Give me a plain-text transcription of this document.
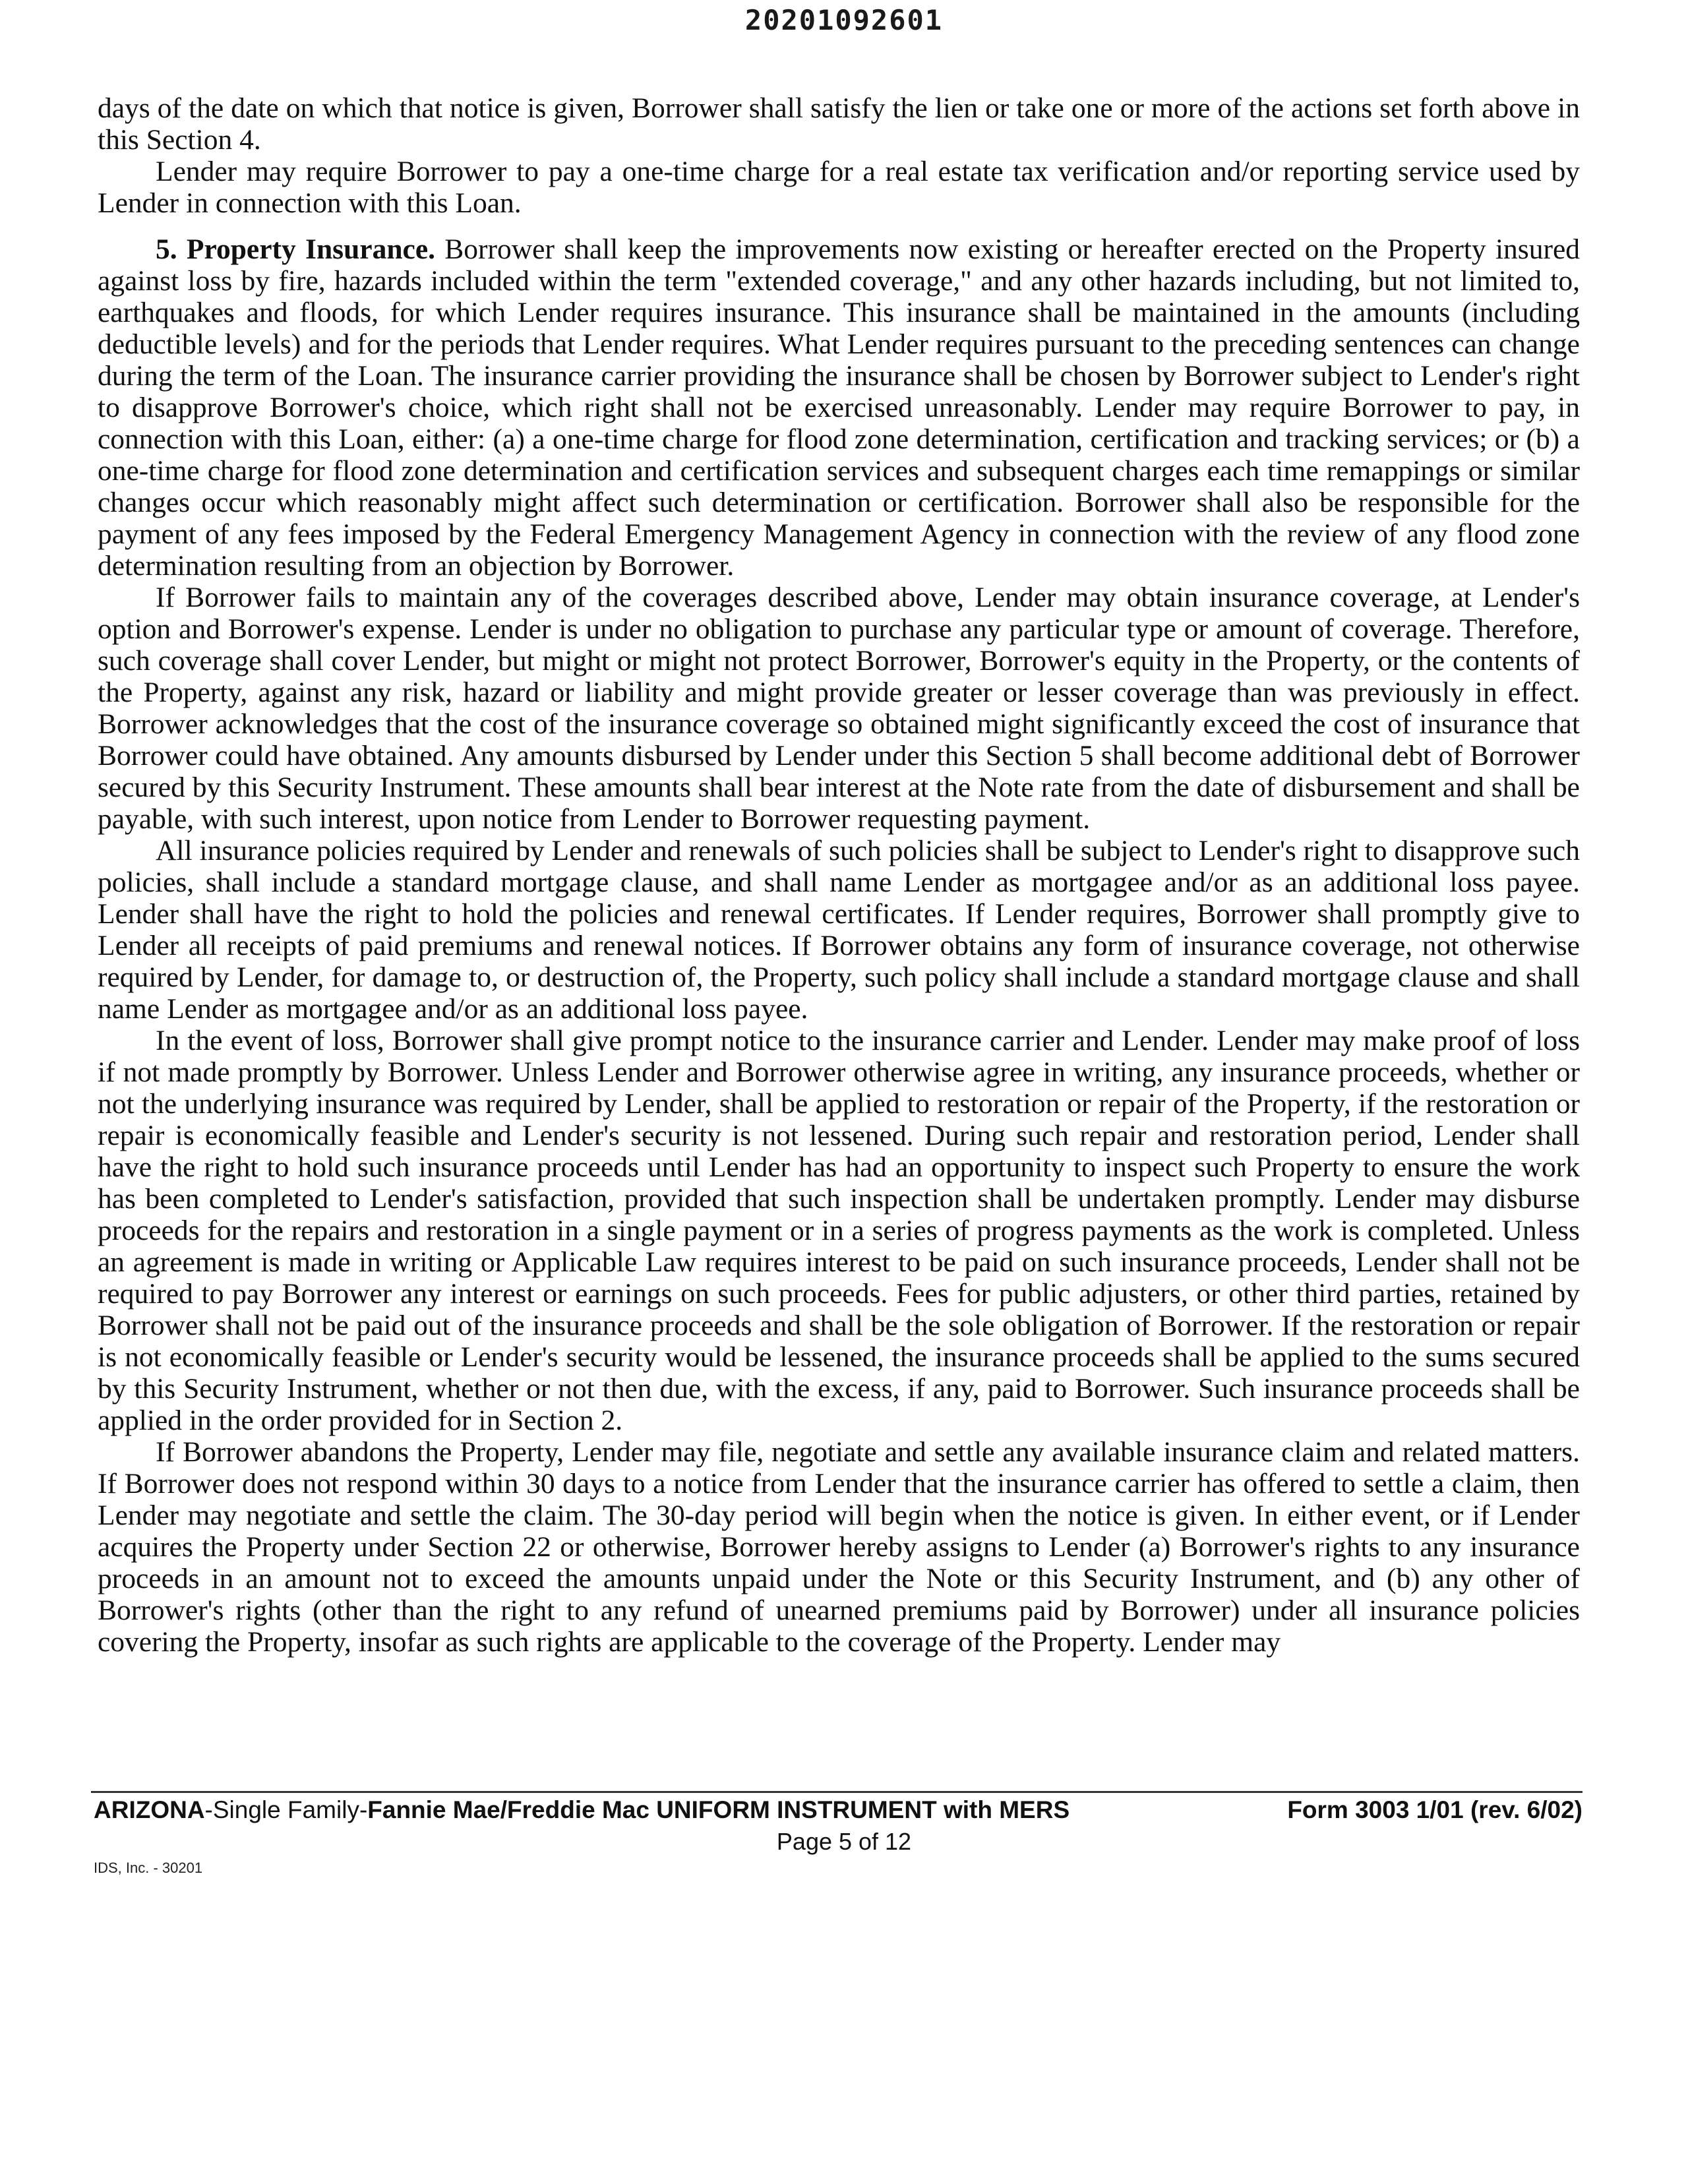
20201092601

days of the date on which that notice is given, Borrower shall satisfy the lien or take one or more of the actions set forth above in this Section 4.

Lender may require Borrower to pay a one-time charge for a real estate tax verification and/or reporting service used by Lender in connection with this Loan.

5. Property Insurance. Borrower shall keep the improvements now existing or hereafter erected on the Property insured against loss by fire, hazards included within the term "extended coverage," and any other hazards including, but not limited to, earthquakes and floods, for which Lender requires insurance. This insurance shall be maintained in the amounts (including deductible levels) and for the periods that Lender requires. What Lender requires pursuant to the preceding sentences can change during the term of the Loan. The insurance carrier providing the insurance shall be chosen by Borrower subject to Lender's right to disapprove Borrower's choice, which right shall not be exercised unreasonably. Lender may require Borrower to pay, in connection with this Loan, either: (a) a one-time charge for flood zone determination, certification and tracking services; or (b) a one-time charge for flood zone determination and certification services and subsequent charges each time remappings or similar changes occur which reasonably might affect such determination or certification. Borrower shall also be responsible for the payment of any fees imposed by the Federal Emergency Management Agency in connection with the review of any flood zone determination resulting from an objection by Borrower.

If Borrower fails to maintain any of the coverages described above, Lender may obtain insurance coverage, at Lender's option and Borrower's expense. Lender is under no obligation to purchase any particular type or amount of coverage. Therefore, such coverage shall cover Lender, but might or might not protect Borrower, Borrower's equity in the Property, or the contents of the Property, against any risk, hazard or liability and might provide greater or lesser coverage than was previously in effect. Borrower acknowledges that the cost of the insurance coverage so obtained might significantly exceed the cost of insurance that Borrower could have obtained. Any amounts disbursed by Lender under this Section 5 shall become additional debt of Borrower secured by this Security Instrument. These amounts shall bear interest at the Note rate from the date of disbursement and shall be payable, with such interest, upon notice from Lender to Borrower requesting payment.

All insurance policies required by Lender and renewals of such policies shall be subject to Lender's right to disapprove such policies, shall include a standard mortgage clause, and shall name Lender as mortgagee and/or as an additional loss payee. Lender shall have the right to hold the policies and renewal certificates. If Lender requires, Borrower shall promptly give to Lender all receipts of paid premiums and renewal notices. If Borrower obtains any form of insurance coverage, not otherwise required by Lender, for damage to, or destruction of, the Property, such policy shall include a standard mortgage clause and shall name Lender as mortgagee and/or as an additional loss payee.

In the event of loss, Borrower shall give prompt notice to the insurance carrier and Lender. Lender may make proof of loss if not made promptly by Borrower. Unless Lender and Borrower otherwise agree in writing, any insurance proceeds, whether or not the underlying insurance was required by Lender, shall be applied to restoration or repair of the Property, if the restoration or repair is economically feasible and Lender's security is not lessened. During such repair and restoration period, Lender shall have the right to hold such insurance proceeds until Lender has had an opportunity to inspect such Property to ensure the work has been completed to Lender's satisfaction, provided that such inspection shall be undertaken promptly. Lender may disburse proceeds for the repairs and restoration in a single payment or in a series of progress payments as the work is completed. Unless an agreement is made in writing or Applicable Law requires interest to be paid on such insurance proceeds, Lender shall not be required to pay Borrower any interest or earnings on such proceeds. Fees for public adjusters, or other third parties, retained by Borrower shall not be paid out of the insurance proceeds and shall be the sole obligation of Borrower. If the restoration or repair is not economically feasible or Lender's security would be lessened, the insurance proceeds shall be applied to the sums secured by this Security Instrument, whether or not then due, with the excess, if any, paid to Borrower. Such insurance proceeds shall be applied in the order provided for in Section 2.

If Borrower abandons the Property, Lender may file, negotiate and settle any available insurance claim and related matters. If Borrower does not respond within 30 days to a notice from Lender that the insurance carrier has offered to settle a claim, then Lender may negotiate and settle the claim. The 30-day period will begin when the notice is given. In either event, or if Lender acquires the Property under Section 22 or otherwise, Borrower hereby assigns to Lender (a) Borrower's rights to any insurance proceeds in an amount not to exceed the amounts unpaid under the Note or this Security Instrument, and (b) any other of Borrower's rights (other than the right to any refund of unearned premiums paid by Borrower) under all insurance policies covering the Property, insofar as such rights are applicable to the coverage of the Property. Lender may

ARIZONA-Single Family-Fannie Mae/Freddie Mac UNIFORM INSTRUMENT with MERS	Form 3003 1/01 (rev. 6/02)
Page 5 of 12
IDS, Inc. - 30201
